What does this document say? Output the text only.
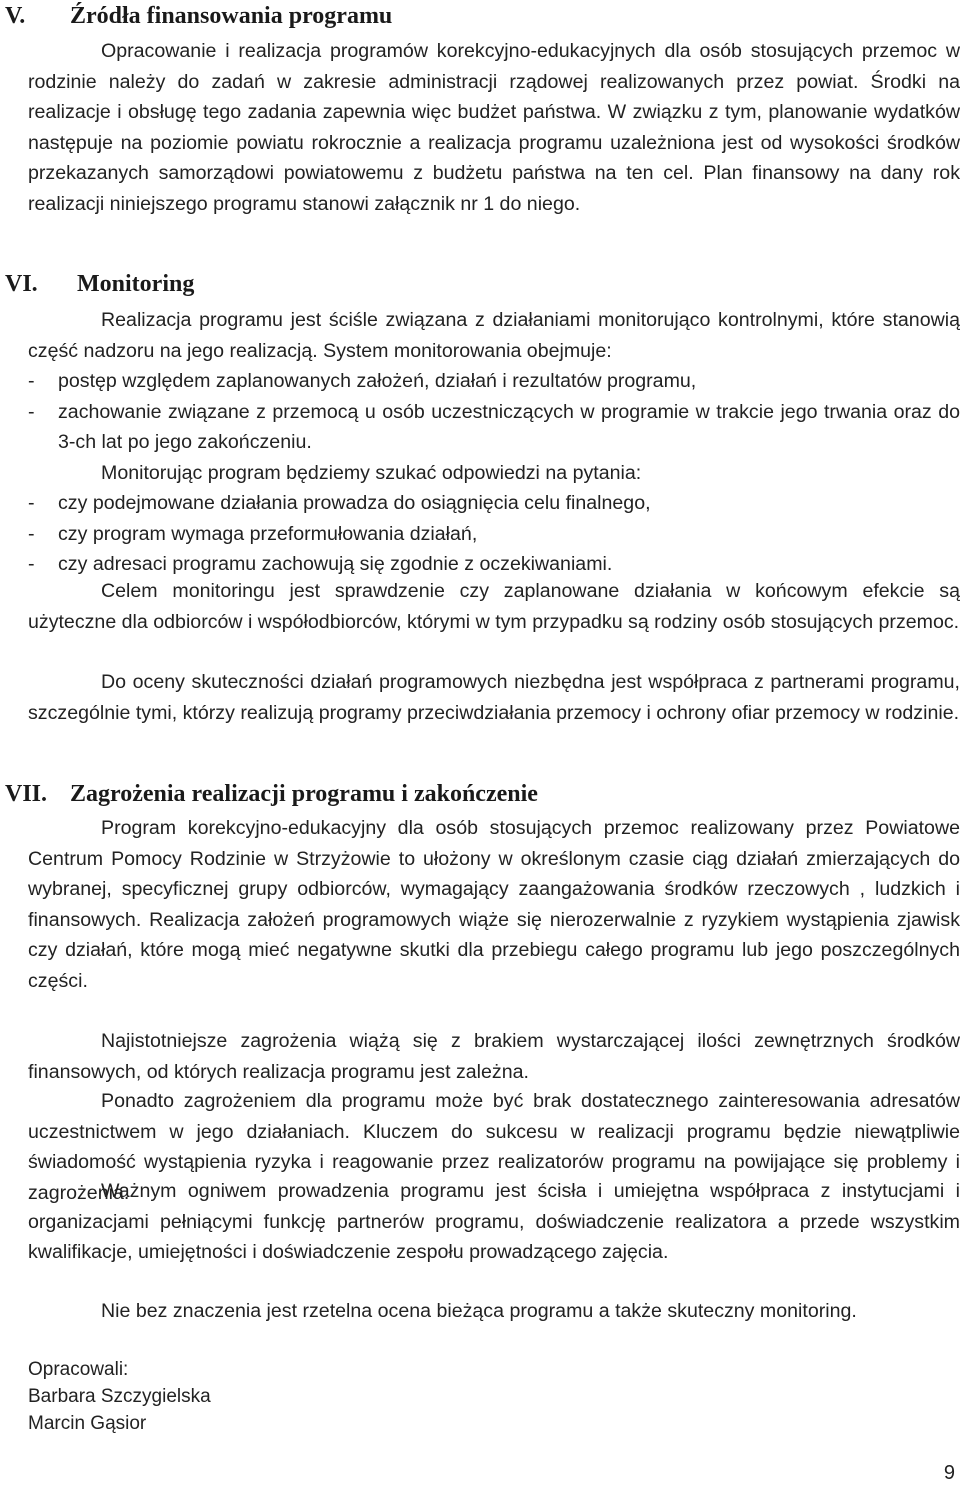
V. Źródła finansowania programu
Opracowanie i realizacja programów korekcyjno-edukacyjnych dla osób stosujących przemoc w rodzinie należy do zadań w zakresie administracji rządowej realizowanych przez powiat. Środki na realizacje i obsługę tego zadania zapewnia więc budżet państwa. W związku z tym, planowanie wydatków następuje na poziomie powiatu rokrocznie a realizacja programu uzależniona jest od wysokości środków przekazanych samorządowi powiatowemu z budżetu państwa na ten cel. Plan finansowy na dany rok realizacji niniejszego programu stanowi załącznik nr 1 do niego.
VI. Monitoring
Realizacja programu jest ściśle związana z działaniami monitorująco kontrolnymi, które stanowią część nadzoru na jego realizacją. System monitorowania obejmuje:
- postęp względem zaplanowanych założeń, działań i rezultatów programu,
- zachowanie związane z przemocą u osób uczestniczących w programie w trakcie jego trwania oraz do 3-ch lat po jego zakończeniu.
Monitorując program będziemy szukać odpowiedzi na pytania:
- czy podejmowane działania prowadza do osiągnięcia celu finalnego,
- czy program wymaga przeformułowania działań,
- czy adresaci programu zachowują się zgodnie z oczekiwaniami.
Celem monitoringu jest sprawdzenie czy zaplanowane działania w końcowym efekcie są użyteczne dla odbiorców i współodbiorców, którymi w tym przypadku są rodziny osób stosujących przemoc.
Do oceny skuteczności działań programowych niezbędna jest współpraca z partnerami programu, szczególnie tymi, którzy realizują programy przeciwdziałania przemocy i ochrony ofiar przemocy w rodzinie.
VII. Zagrożenia realizacji programu i zakończenie
Program korekcyjno-edukacyjny dla osób stosujących przemoc realizowany przez Powiatowe Centrum Pomocy Rodzinie w Strzyżowie to ułożony w określonym czasie ciąg działań zmierzających do wybranej, specyficznej grupy odbiorców, wymagający zaangażowania środków rzeczowych , ludzkich i finansowych. Realizacja założeń programowych wiąże się nierozerwalnie z ryzykiem wystąpienia zjawisk czy działań, które mogą mieć negatywne skutki dla przebiegu całego programu lub jego poszczególnych części.
Najistotniejsze zagrożenia wiążą się z brakiem wystarczającej ilości zewnętrznych środków finansowych, od których realizacja programu jest zależna.
Ponadto zagrożeniem dla programu może być brak dostatecznego zainteresowania adresatów uczestnictwem w jego działaniach. Kluczem do sukcesu w realizacji programu będzie niewątpliwie świadomość wystąpienia ryzyka i reagowanie przez realizatorów programu na powijające się problemy i zagrożenia.
Ważnym ogniwem prowadzenia programu jest ścisła i umiejętna współpraca z instytucjami i organizacjami pełniącymi funkcję partnerów programu, doświadczenie realizatora a przede wszystkim kwalifikacje, umiejętności i doświadczenie zespołu prowadzącego zajęcia.
Nie bez znaczenia jest rzetelna ocena bieżąca programu a także skuteczny monitoring.
Opracowali:
Barbara Szczygielska
Marcin Gąsior
9
